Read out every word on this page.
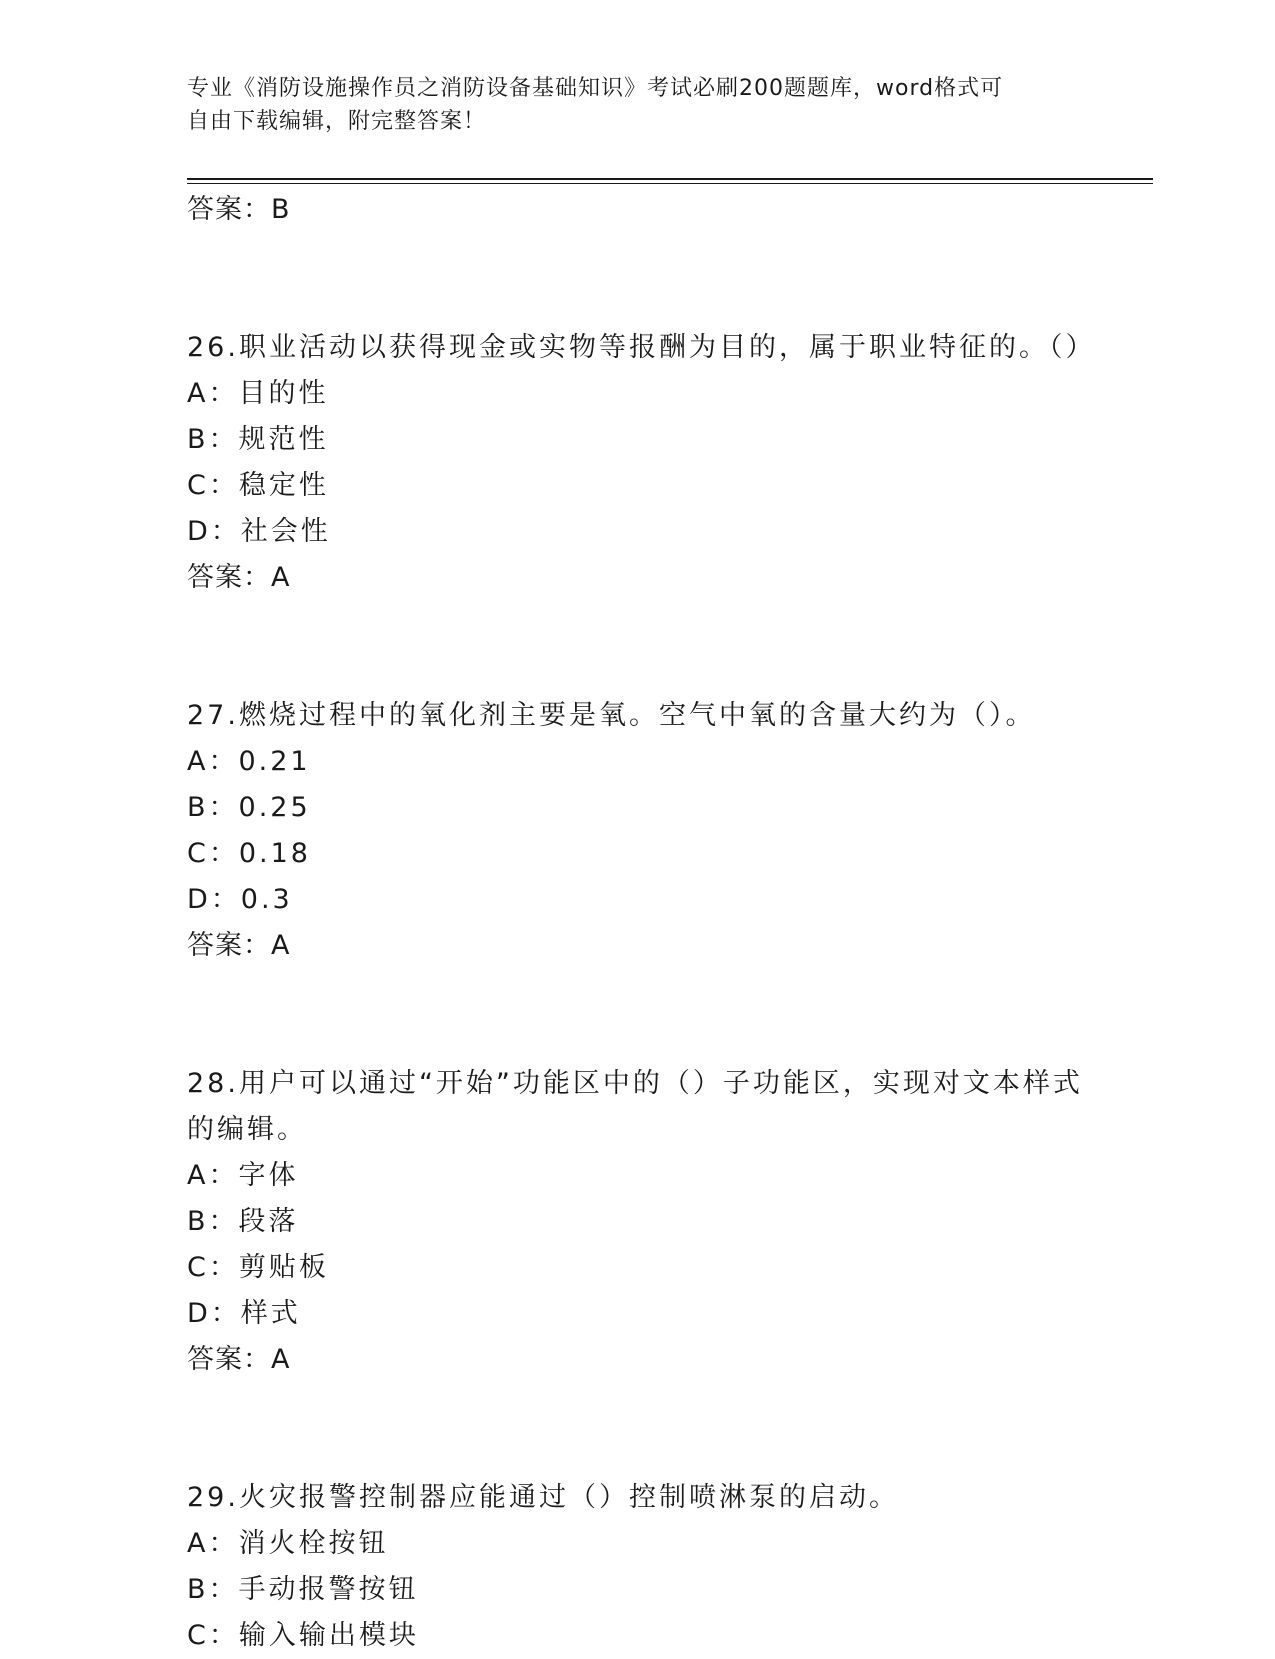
专业《消防设施操作员之消防设备基础知识》考试必刷200题题库，word格式可
自由下载编辑，附完整答案！
答案：B
26.职业活动以获得现金或实物等报酬为目的，属于职业特征的。（）
A：目的性
B：规范性
C：稳定性
D：社会性
答案：A
27.燃烧过程中的氧化剂主要是氧。空气中氧的含量大约为（）。
A：0.21
B：0.25
C：0.18
D：0.3
答案：A
28.用户可以通过“开始”功能区中的（）子功能区，实现对文本样式的编辑。
A：字体
B：段落
C：剪贴板
D：样式
答案：A
29.火灾报警控制器应能通过（）控制喷淋泵的启动。
A：消火栓按钮
B：手动报警按钮
C：输入输出模块
